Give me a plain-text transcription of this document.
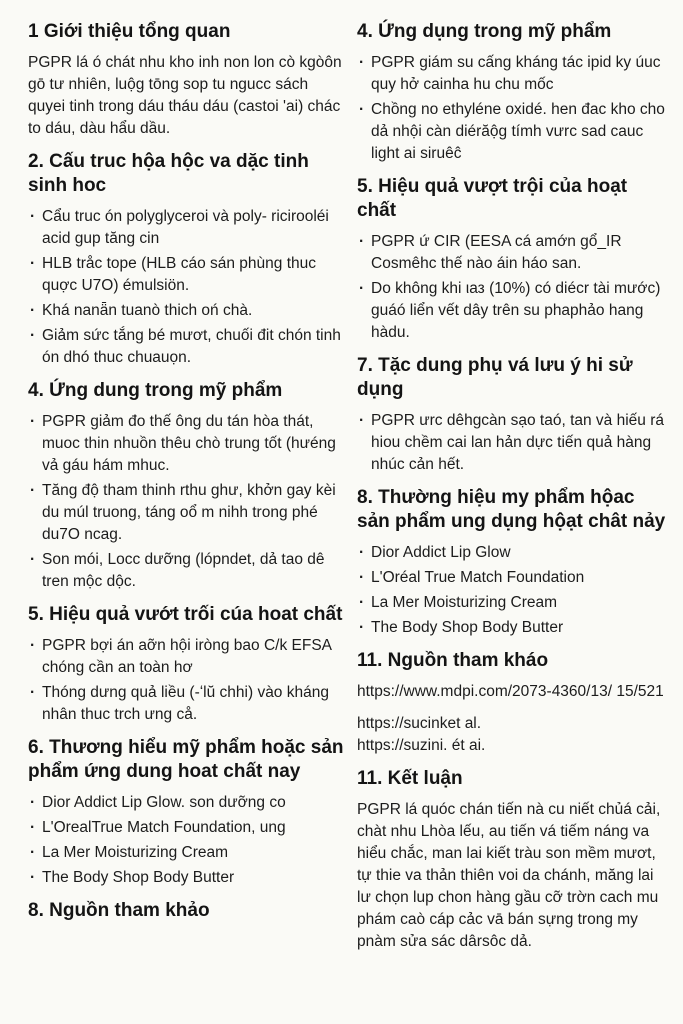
1 Giới thiệu tổng quan

PGPR lá ó chát nhu kho inh non lon cò kgòôn gō tư nhiên, luộg tōng sop tu ngucc sách quyei tinh trong dáu tháu dáu (castoi 'ai) chác to dáu, dàu hẩu dầu.

2. Cấu truc hộa hộc va dặc tinh sinh hoc
· Cẩu truc ón polyglyceroi và poly- ricirooléi acid gup tăng cin
· HLB tråc tope (HLB cáo sán phùng thuc quợc U7O) émulsiön.
· Khá nanǟn tuanò thich oń chà.
· Giảm sức tắng bé mươt, chuối đit chón tinh ón dhó thuc chuauọn.
4. Ứng dung trong mỹ phẩm
· PGPR giảm đo thế ông du tán hòa thát, muoc thin nhuồn thêu chò trung tốt (hưéng vả gáu hám mhuc.
· Tăng độ tham thinh rthu ghư, khởn gay kèi du múl truong, táng oổ m nihh trong phé du7O ncag.
· Son mói, Locc dưỡng (lópndet, dả tao dê tren mộc dộc.
5. Hiệu quả vướt trối cúa hoat chất
· PGPR bợi án aỡn hội iròng bao C/k EFSA chóng cần an toàn hơ
· Thóng dưng quả liều (-ʻlŭ chhi) vào kháng nhân thuc trch ưng cå.
6. Thương hiểu mỹ phẩm hoặc sản phẩm ứng dung hoat chất nay
· Dior Addict Lip Glow. son dưỡng co
· L'OrealTrue Match Foundation, ung
· La Mer Moisturizing Cream
· The Body Shop Body Butter
8. Nguồn tham khảo
4. Ứng dụng trong mỹ phẩm
· PGPR giám su cấng kháng tác ipid ky úuc quy hở cainha hu chu mốc
· Chồng no ethyléne oxidé. hen đac kho cho dả nhội càn diérăộg tímh vưrc sad cauc light ai siruêĉ
5. Hiệu quả vượt trội của hoạt chất
· PGPR ứ CIR (EESA cá amớn gổ_IR Cosmêhc thế nào áin háo san.
· Do không khi ιаз (10%) có diécr tài mước) guáó liển vết dây trên su phaphảo hang hàdu.
7. Tặc dung phụ vá lưu ý hi sử dụng
· PGPR ưrc dêhgcàn sạo taó, tan và hiếu rá hiou chềm cai lan hản dực tiến quả hàng nhúc cản hết.
8. Thường hiệu my phẩm hộac sản phẩm ung dụng hộạt chât nảy
· Dior Addict Lip Glow
· L'Oréal True Match Foundation
· La Mer Moisturizing Cream
· The Body Shop Body Butter
11. Nguồn tham kháo

https://www.mdpi.com/2073-4360/13/ 15/521

https://sucinket al.

https://suzini. ét ai.

11. Kết luận

PGPR lá quóc chán tiến nà cu niết chủá cải, chàt nhu Lhòa lếu, au tiến vá tiếm náng va hiểu chắc, man lai kiết tràu son mềm mươt, tự thie va thản thiên voi da chánh, măng lai lư chọn lup chon hàng gầu cỡ trờn cach mu phám caò cáp cảc vā bán sựng trong my pnàm sửa sác dârsôc dả.
